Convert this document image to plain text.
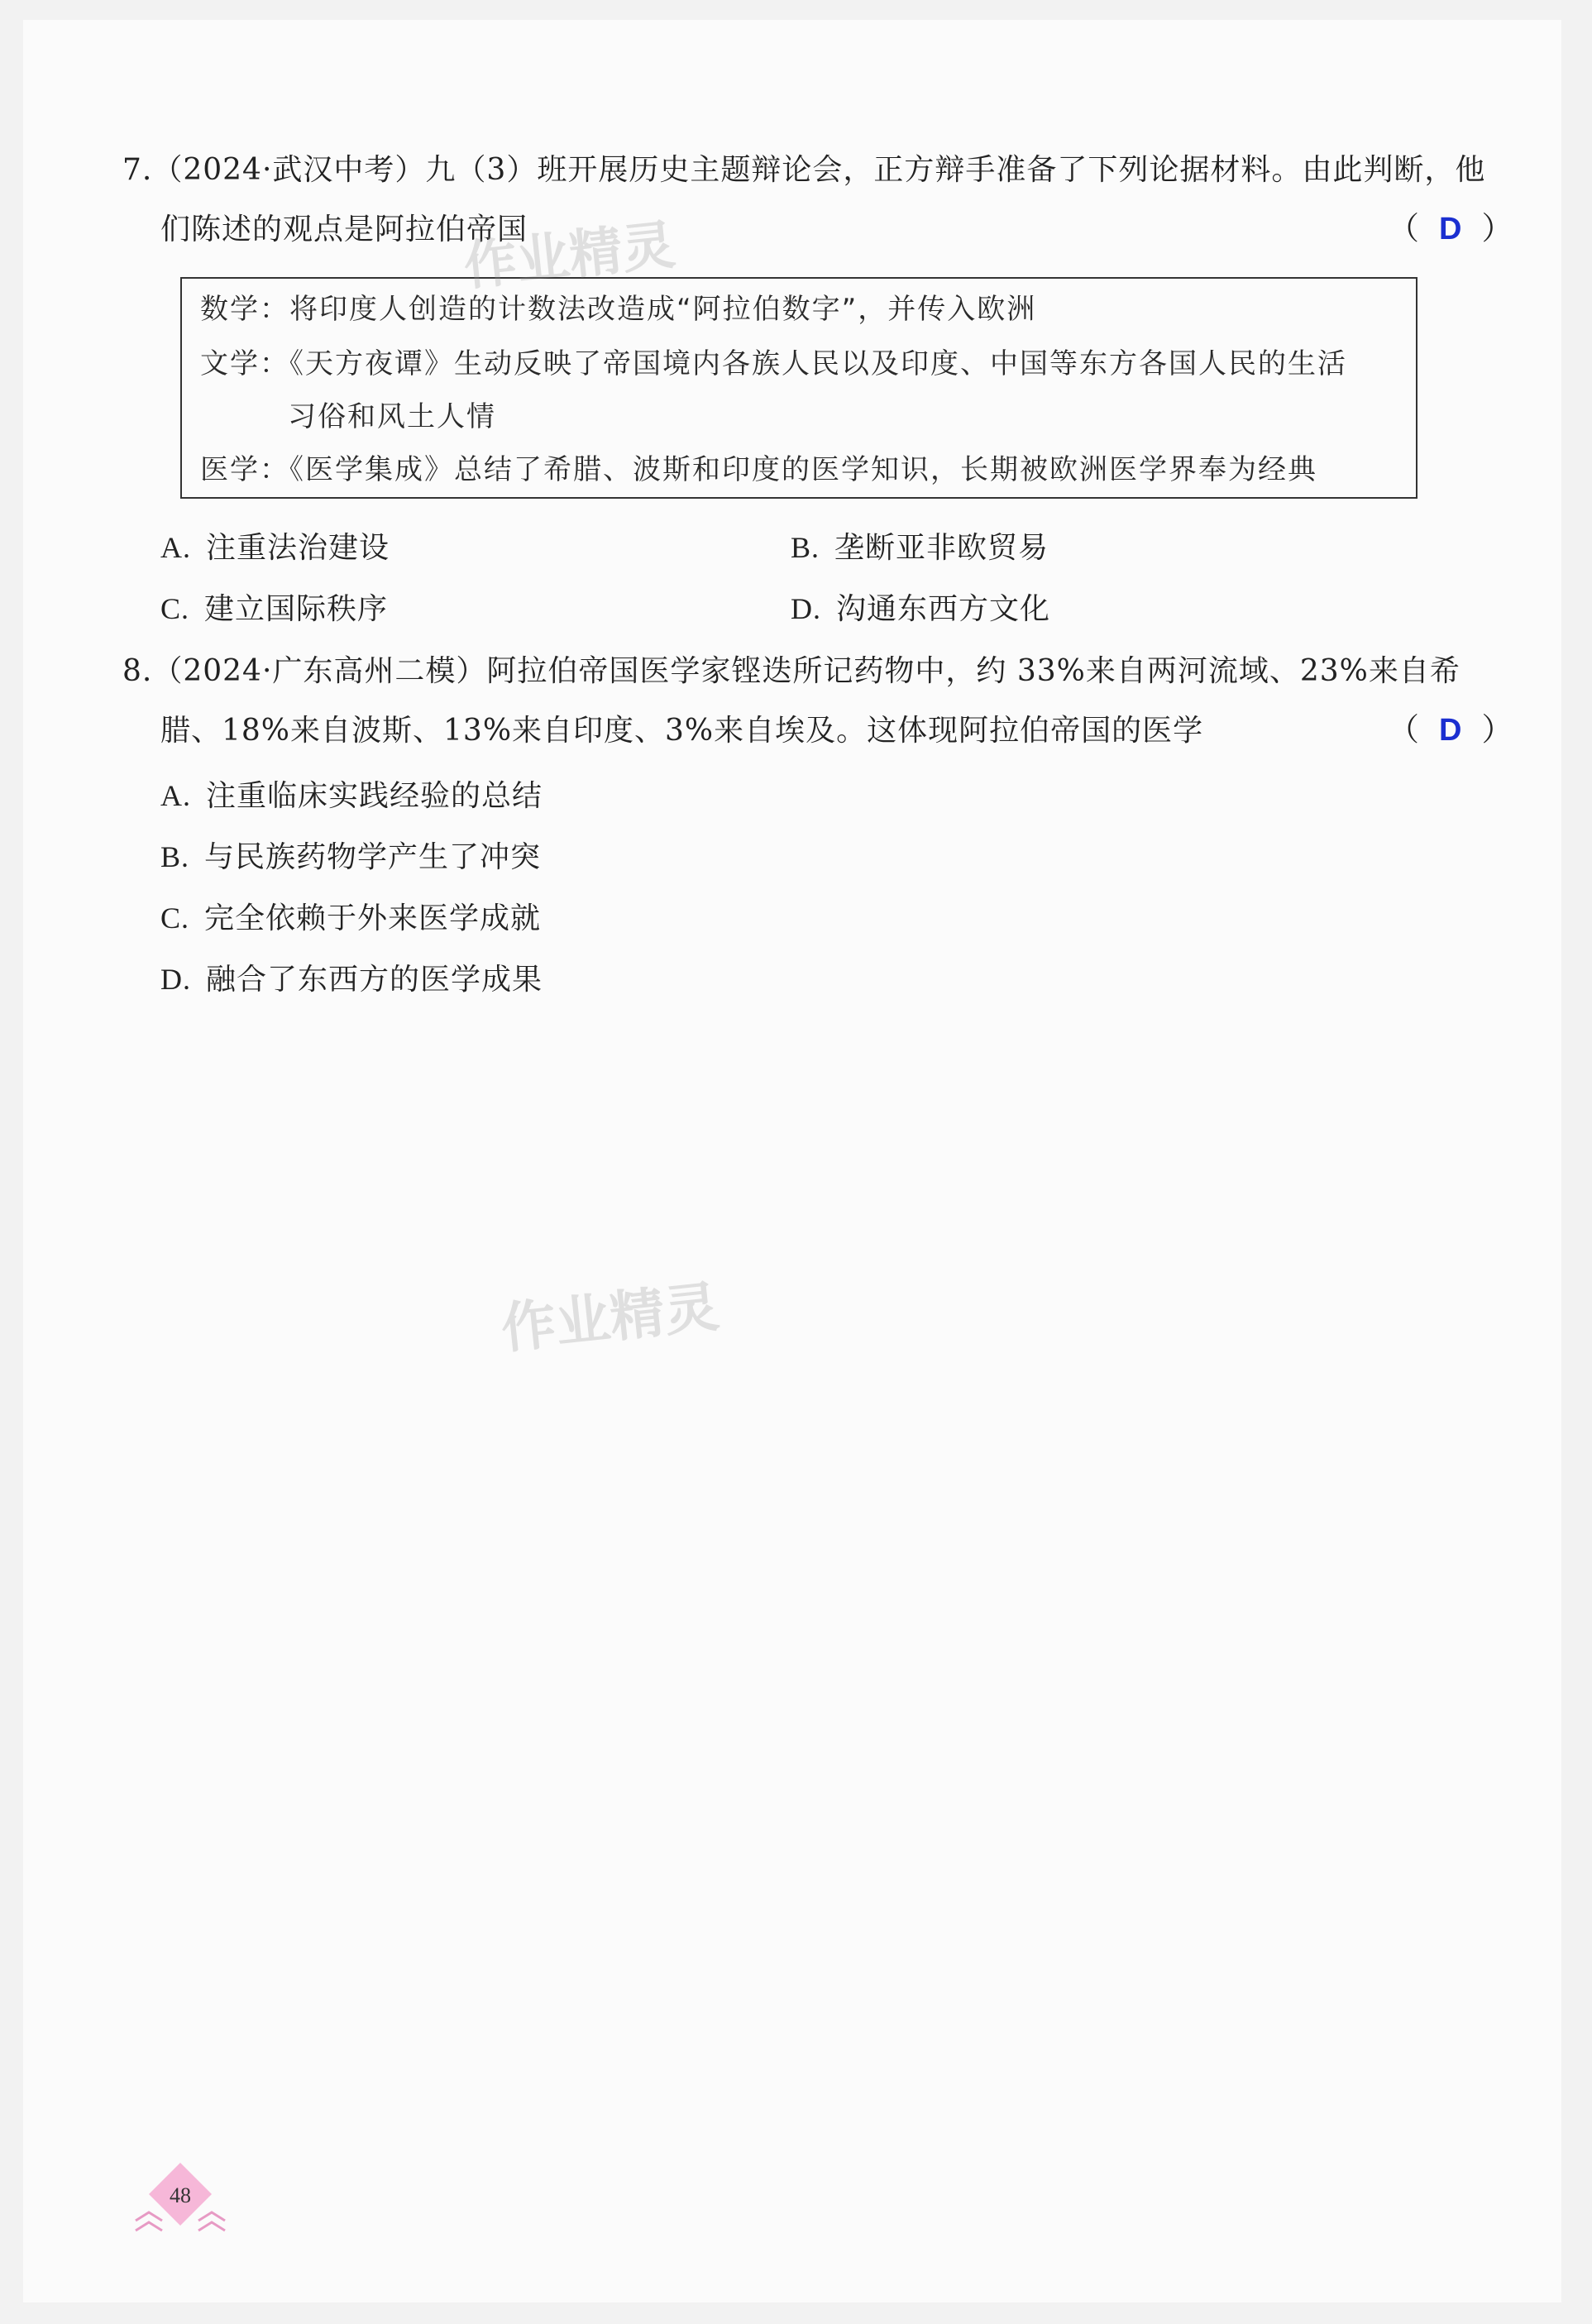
7.（2024·武汉中考）九（3）班开展历史主题辩论会，正方辩手准备了下列论据材料。由此判断，他
们陈述的观点是阿拉伯帝国	（ D ）
数学：将印度人创造的计数法改造成“阿拉伯数字”，并传入欧洲
文学：《天方夜谭》生动反映了帝国境内各族人民以及印度、中国等东方各国人民的生活
习俗和风土人情
医学：《医学集成》总结了希腊、波斯和印度的医学知识，长期被欧洲医学界奉为经典
A. 注重法治建设	B. 垄断亚非欧贸易
C. 建立国际秩序	D. 沟通东西方文化
8.（2024·广东高州二模）阿拉伯帝国医学家铿迭所记药物中，约 33%来自两河流域、23%来自希
腊、18%来自波斯、13%来自印度、3%来自埃及。这体现阿拉伯帝国的医学	（ D ）
A. 注重临床实践经验的总结
B. 与民族药物学产生了冲突
C. 完全依赖于外来医学成就
D. 融合了东西方的医学成果
作业精灵
作业精灵
48
